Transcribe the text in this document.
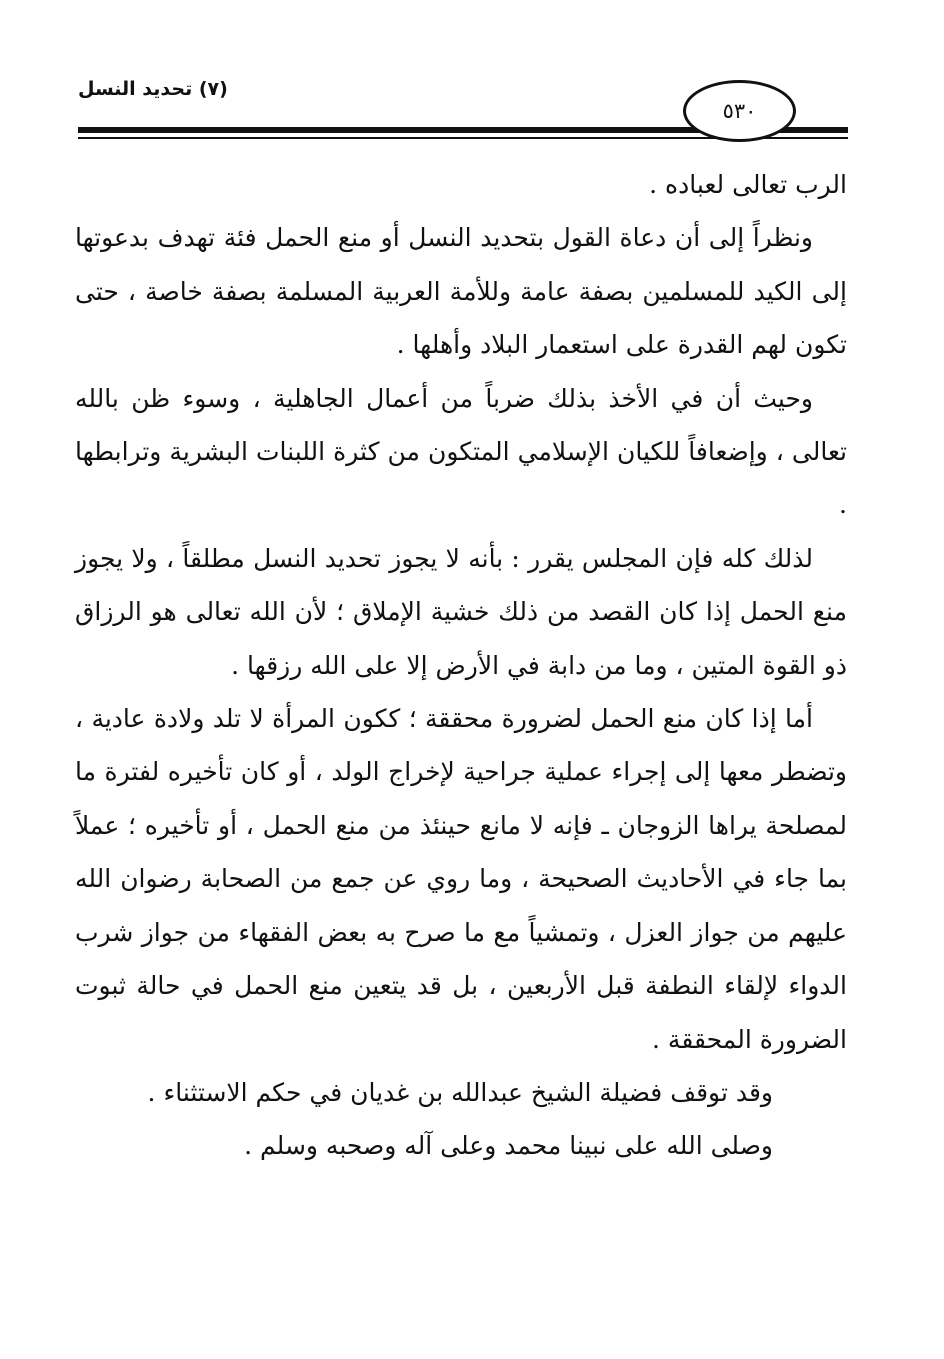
(٧) تحديد النسل
٥٣٠

الرب تعالى لعباده .

ونظراً إلى أن دعاة القول بتحديد النسل أو منع الحمل فئة تهدف بدعوتها إلى الكيد للمسلمين بصفة عامة وللأمة العربية المسلمة بصفة خاصة ، حتى تكون لهم القدرة على استعمار البلاد وأهلها .

وحيث أن في الأخذ بذلك ضرباً من أعمال الجاهلية ، وسوء ظن بالله تعالى ، وإضعافاً للكيان الإسلامي المتكون من كثرة اللبنات البشرية وترابطها .

لذلك كله فإن المجلس يقرر : بأنه لا يجوز تحديد النسل مطلقاً ، ولا يجوز منع الحمل إذا كان القصد من ذلك خشية الإملاق ؛ لأن الله تعالى هو الرزاق ذو القوة المتين ، وما من دابة في الأرض إلا على الله رزقها .

أما إذا كان منع الحمل لضرورة محققة ؛ ككون المرأة لا تلد ولادة عادية ، وتضطر معها إلى إجراء عملية جراحية لإخراج الولد ، أو كان تأخيره لفترة ما لمصلحة يراها الزوجان ـ فإنه لا مانع حينئذ من منع الحمل ، أو تأخيره ؛ عملاً بما جاء في الأحاديث الصحيحة ، وما روي عن جمع من الصحابة رضوان الله عليهم من جواز العزل ، وتمشياً مع ما صرح به بعض الفقهاء من جواز شرب الدواء لإلقاء النطفة قبل الأربعين ، بل قد يتعين منع الحمل في حالة ثبوت الضرورة المحققة .

وقد توقف فضيلة الشيخ عبدالله بن غديان في حكم الاستثناء .

وصلى الله على نبينا محمد وعلى آله وصحبه وسلم .
